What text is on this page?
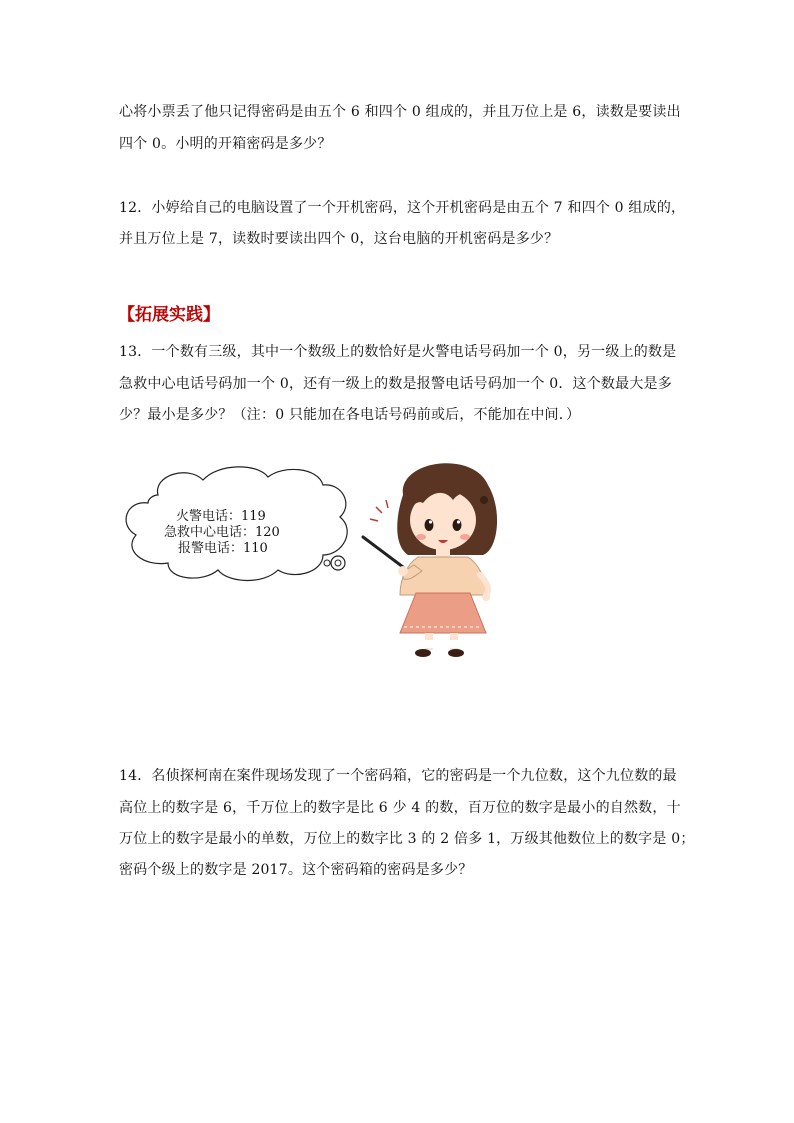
心将小票丢了他只记得密码是由五个 6 和四个 0 组成的，并且万位上是 6，读数是要读出
四个 0。小明的开箱密码是多少？
12．小婷给自己的电脑设置了一个开机密码，这个开机密码是由五个 7 和四个 0 组成的，
并且万位上是 7，读数时要读出四个 0，这台电脑的开机密码是多少？
【拓展实践】
13．一个数有三级，其中一个数级上的数恰好是火警电话号码加一个 0，另一级上的数是
急救中心电话号码加一个 0，还有一级上的数是报警电话号码加一个 0．这个数最大是多
少？最小是多少？（注：0 只能加在各电话号码前或后，不能加在中间．）
火警电话：119
急救中心电话：120
报警电话：110
14．名侦探柯南在案件现场发现了一个密码箱，它的密码是一个九位数，这个九位数的最
高位上的数字是 6，千万位上的数字是比 6 少 4 的数，百万位的数字是最小的自然数，十
万位上的数字是最小的单数，万位上的数字比 3 的 2 倍多 1，万级其他数位上的数字是 0；
密码个级上的数字是 2017。这个密码箱的密码是多少？
